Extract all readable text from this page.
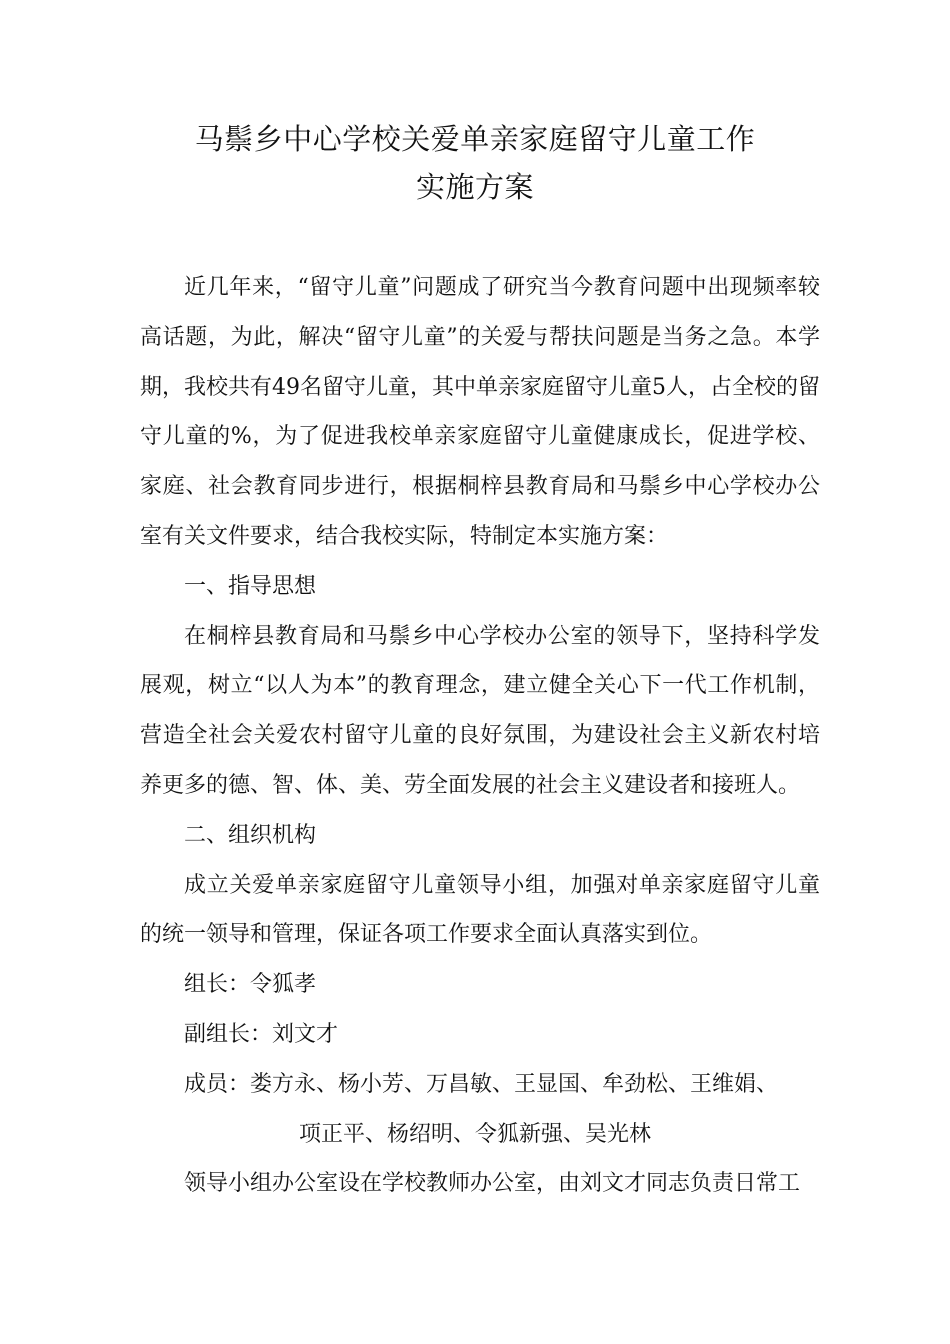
马鬃乡中心学校关爱单亲家庭留守儿童工作
实施方案

近几年来，“留守儿童”问题成了研究当今教育问题中出现频率较高话题，为此，解决“留守儿童”的关爱与帮扶问题是当务之急。本学期，我校共有49名留守儿童，其中单亲家庭留守儿童5人，占全校的留守儿童的%，为了促进我校单亲家庭留守儿童健康成长，促进学校、家庭、社会教育同步进行，根据桐梓县教育局和马鬃乡中心学校办公室有关文件要求，结合我校实际，特制定本实施方案：

一、指导思想

在桐梓县教育局和马鬃乡中心学校办公室的领导下，坚持科学发展观，树立“以人为本”的教育理念，建立健全关心下一代工作机制，营造全社会关爱农村留守儿童的良好氛围，为建设社会主义新农村培养更多的德、智、体、美、劳全面发展的社会主义建设者和接班人。

二、组织机构

成立关爱单亲家庭留守儿童领导小组，加强对单亲家庭留守儿童的统一领导和管理，保证各项工作要求全面认真落实到位。

组长：令狐孝

副组长：刘文才

成员：娄方永、杨小芳、万昌敏、王显国、牟劲松、王维娟、

项正平、杨绍明、令狐新强、吴光林

领导小组办公室设在学校教师办公室，由刘文才同志负责日常工
